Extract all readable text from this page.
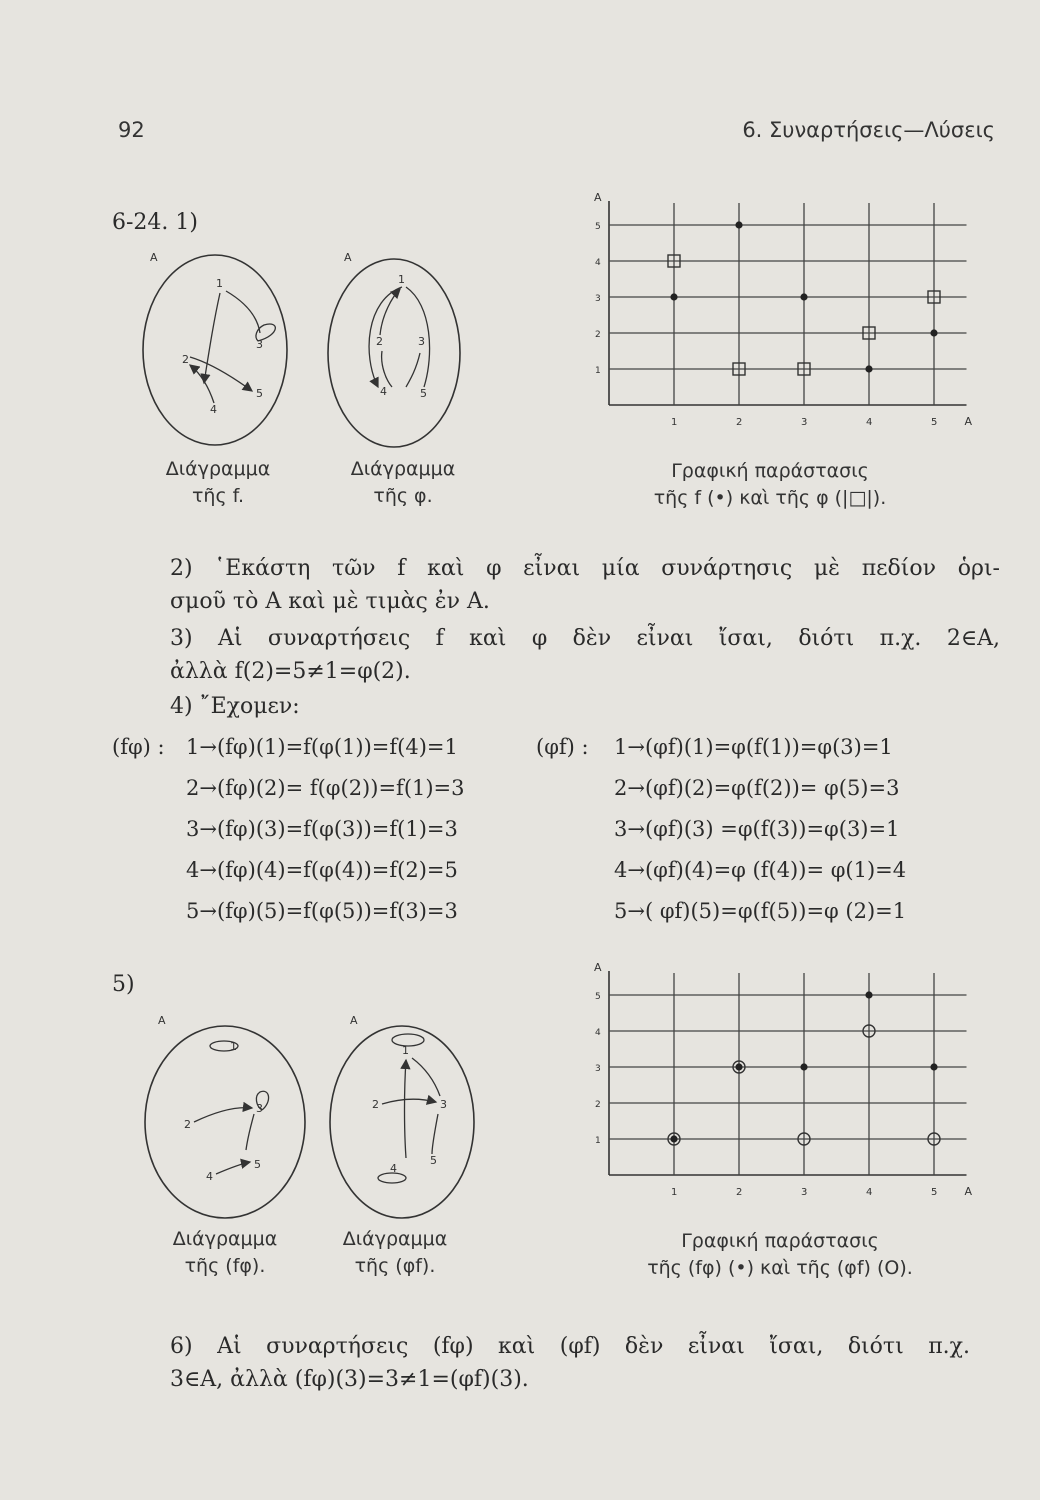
92	6. Συναρτήσεις—Λύσεις
6-24. 1)
A
1
2
3
4
5
A
1
2	3
4	5
Διάγραμμα
τῆς f.
Διάγραμμα
τῆς φ.
1	2	3	4	5
1
2
3
4
5
A
A
Γραφική παράστασις
τῆς f (•) καὶ τῆς φ (|□|).
2) ῾Εκάστη τῶν f καὶ φ εἶναι μία συνάρτησις μὲ πεδίον ὁρι-
σμοῦ τὸ A καὶ μὲ τιμὰς ἐν A.
3) Αἱ συναρτήσεις f καὶ φ δὲν εἶναι ἴσαι, διότι π.χ. 2∈A,
ἀλλὰ f(2)=5≠1=φ(2).
4) ῎Εχομεν:
(fφ) : 1→(fφ)(1)=f(φ(1))=f(4)=1
2→(fφ)(2)= f(φ(2))=f(1)=3
3→(fφ)(3)=f(φ(3))=f(1)=3
4→(fφ)(4)=f(φ(4))=f(2)=5
5→(fφ)(5)=f(φ(5))=f(3)=3
(φf) : 1→(φf)(1)=φ(f(1))=φ(3)=1
2→(φf)(2)=φ(f(2))= φ(5)=3
3→(φf)(3) =φ(f(3))=φ(3)=1
4→(φf)(4)=φ (f(4))= φ(1)=4
5→( φf)(5)=φ(f(5))=φ (2)=1
5)
A
1
2
3
4
5
A
1
2	3
4
5
Διάγραμμα
τῆς (fφ).
Διάγραμμα
τῆς (φf).
1	2	3	4	5
1
2
3
4
5
A
A
Γραφική παράστασις
τῆς (fφ) (•) καὶ τῆς (φf) (O).
6) Αἱ συναρτήσεις (fφ) καὶ (φf) δὲν εἶναι ἴσαι, διότι π.χ.
3∈A, ἀλλὰ (fφ)(3)=3≠1=(φf)(3).
